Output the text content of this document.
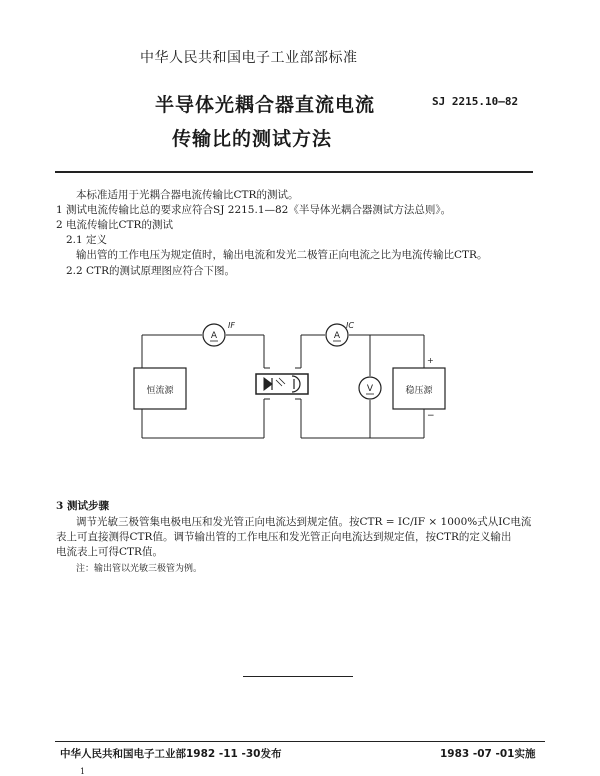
中华人民共和国电子工业部部标准
半导体光耦合器直流电流
传输比的测试方法
SJ 2215.10—82
本标准适用于光耦合器电流传输比CTR的测试。
1 测试电流传输比总的要求应符合SJ 2215.1—82《半导体光耦合器测试方法总则》。
2 电流传输比CTR的测试
2.1 定义
输出管的工作电压为规定值时，输出电流和发光二极管正向电流之比为电流传输比CTR。
2.2 CTR的测试原理图应符合下图。
恒流源	稳压源
+
−
A
IF
A
IC
V
3 测试步骤
调节光敏三极管集电极电压和发光管正向电流达到规定值。按CTR = IC/IF × 1000%式从IC电流
表上可直接测得CTR值。调节输出管的工作电压和发光管正向电流达到规定值，按CTR的定义输出
电流表上可得CTR值。
注：输出管以光敏三极管为例。
中华人民共和国电子工业部1982 -11 -30发布	1983 -07 -01实施
1
